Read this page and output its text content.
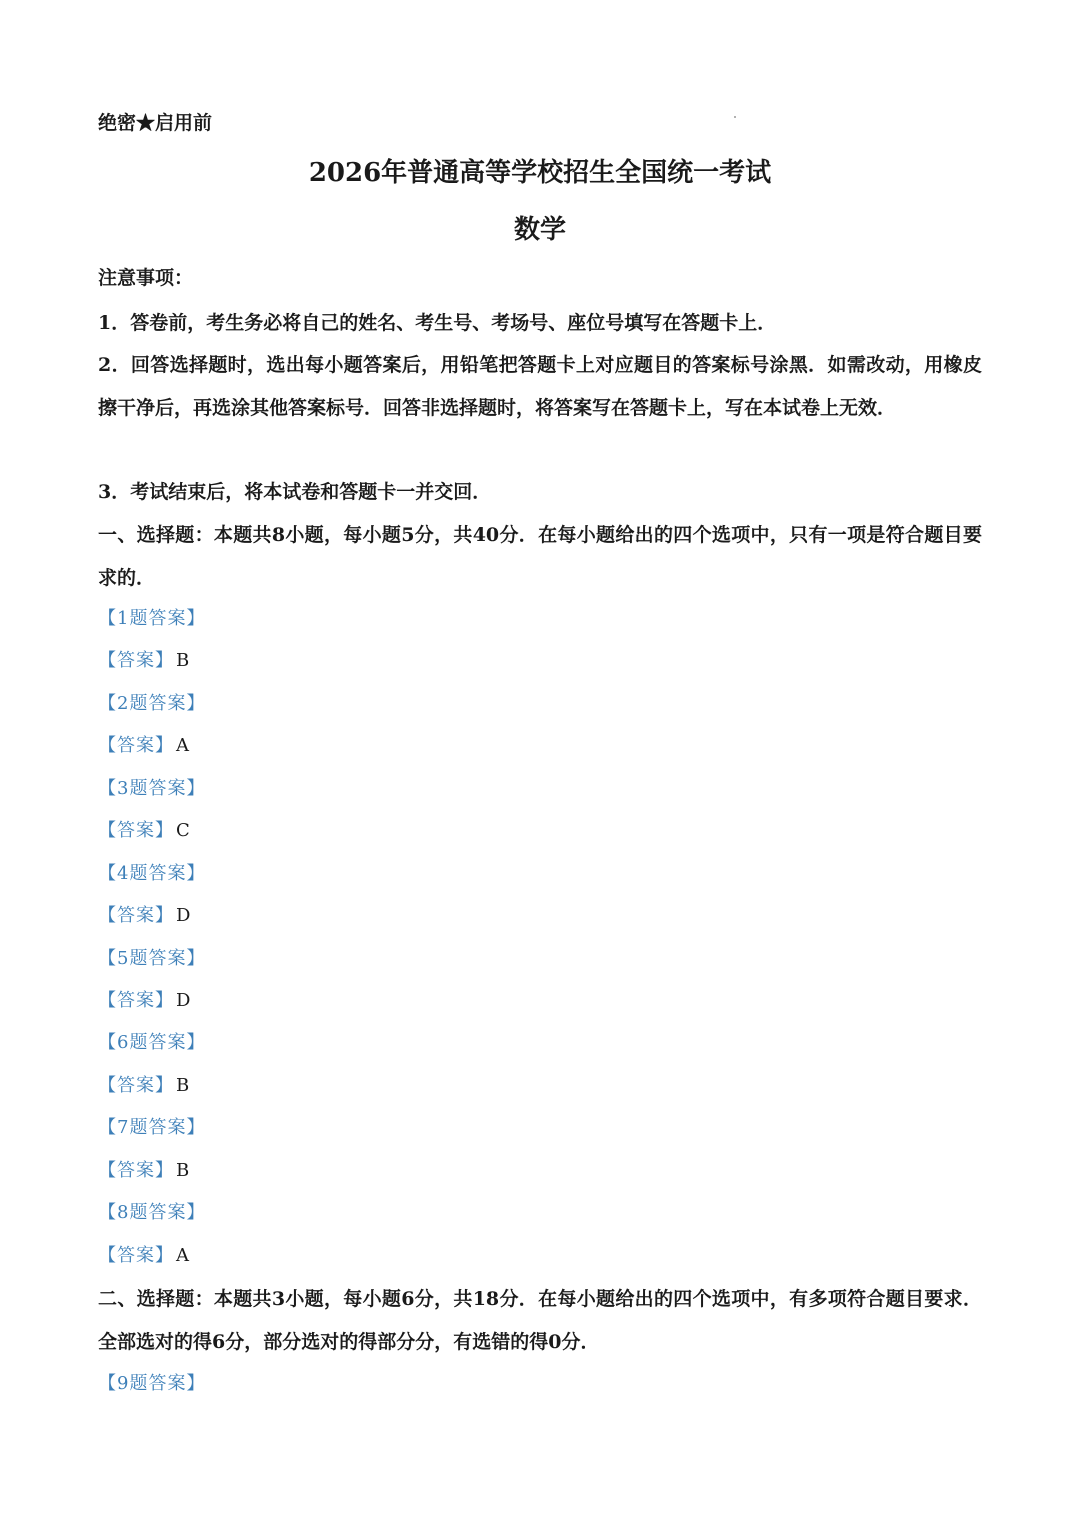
绝密★启用前
2026年普通高等学校招生全国统一考试
数学
注意事项：
1．答卷前，考生务必将自己的姓名、考生号、考场号、座位号填写在答题卡上．
2．回答选择题时，选出每小题答案后，用铅笔把答题卡上对应题目的答案标号涂黑．如需改动，用橡皮擦干净后，再选涂其他答案标号．回答非选择题时，将答案写在答题卡上，写在本试卷上无效．
3．考试结束后，将本试卷和答题卡一并交回．
一、选择题：本题共8小题，每小题5分，共40分．在每小题给出的四个选项中，只有一项是符合题目要求的．
【1题答案】
【答案】 B
【2题答案】
【答案】 A
【3题答案】
【答案】 C
【4题答案】
【答案】 D
【5题答案】
【答案】 D
【6题答案】
【答案】 B
【7题答案】
【答案】 B
【8题答案】
【答案】 A
二、选择题：本题共3小题，每小题6分，共18分．在每小题给出的四个选项中，有多项符合题目要求．全部选对的得6分，部分选对的得部分分，有选错的得0分．
【9题答案】
